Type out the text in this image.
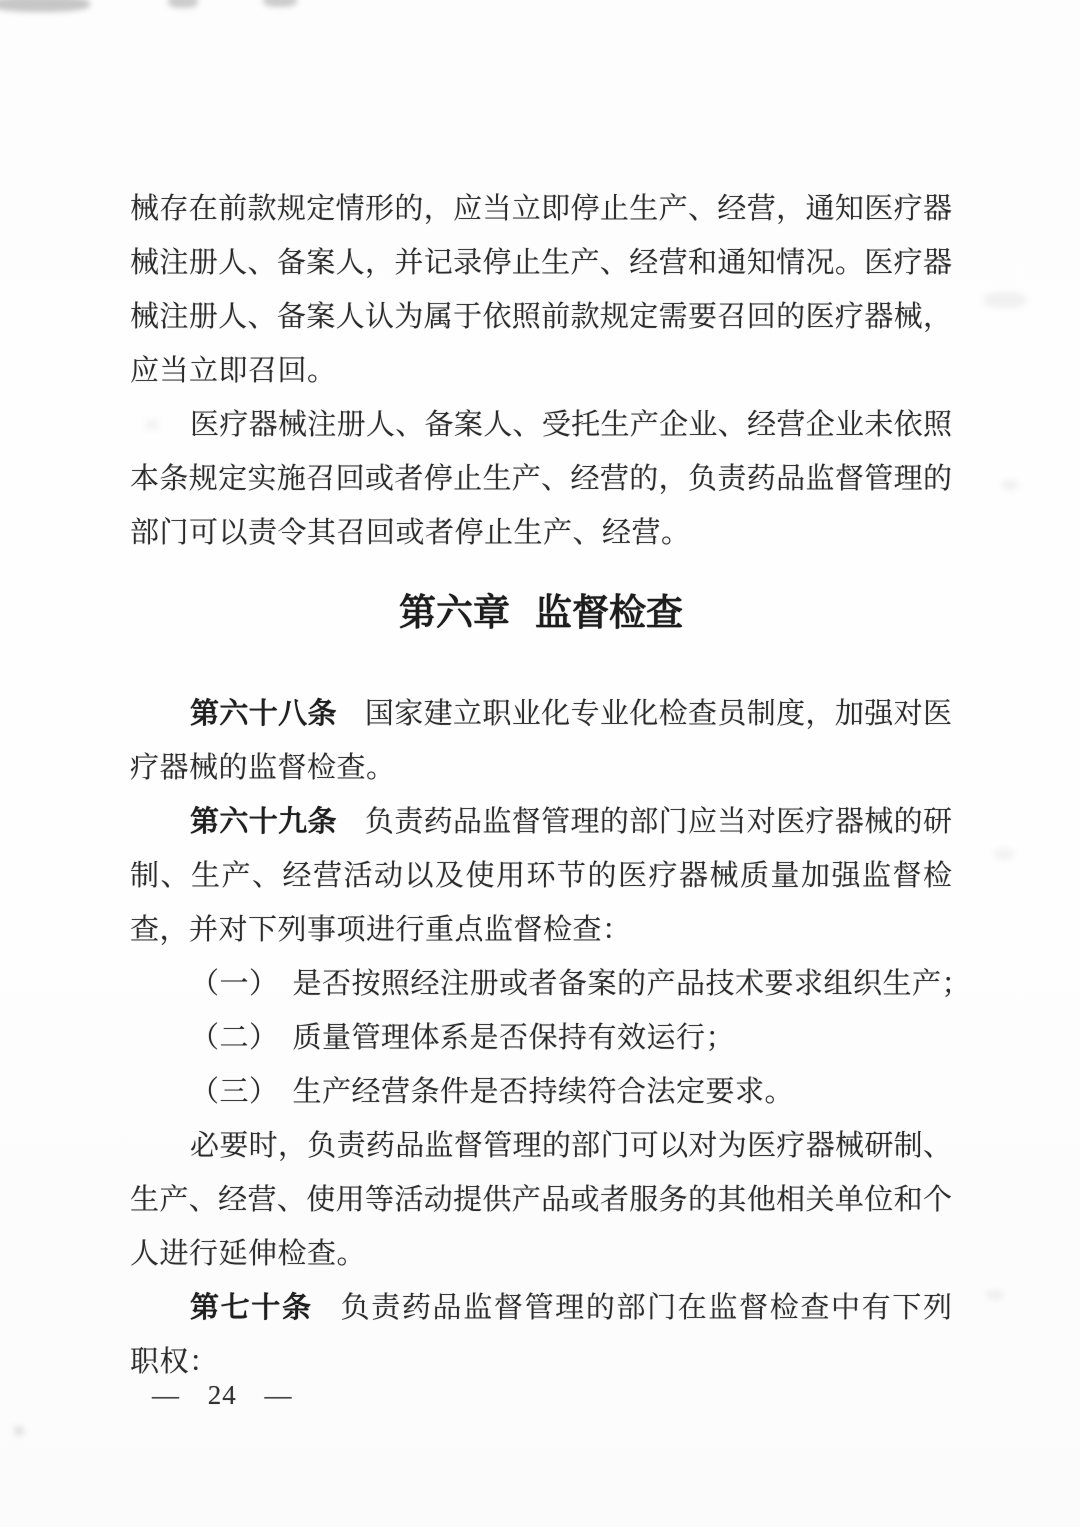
械存在前款规定情形的，应当立即停止生产、经营，通知医疗器
械注册人、备案人，并记录停止生产、经营和通知情况。医疗器
械注册人、备案人认为属于依照前款规定需要召回的医疗器械，
应当立即召回。
医疗器械注册人、备案人、受托生产企业、经营企业未依照
本条规定实施召回或者停止生产、经营的，负责药品监督管理的
部门可以责令其召回或者停止生产、经营。
第六章 监督检查
第六十八条 国家建立职业化专业化检查员制度，加强对医
疗器械的监督检查。
第六十九条 负责药品监督管理的部门应当对医疗器械的研
制、生产、经营活动以及使用环节的医疗器械质量加强监督检
查，并对下列事项进行重点监督检查：
（一） 是否按照经注册或者备案的产品技术要求组织生产；
（二） 质量管理体系是否保持有效运行；
（三） 生产经营条件是否持续符合法定要求。
必要时，负责药品监督管理的部门可以对为医疗器械研制、
生产、经营、使用等活动提供产品或者服务的其他相关单位和个
人进行延伸检查。
第七十条 负责药品监督管理的部门在监督检查中有下列
职权：
— 24 —
